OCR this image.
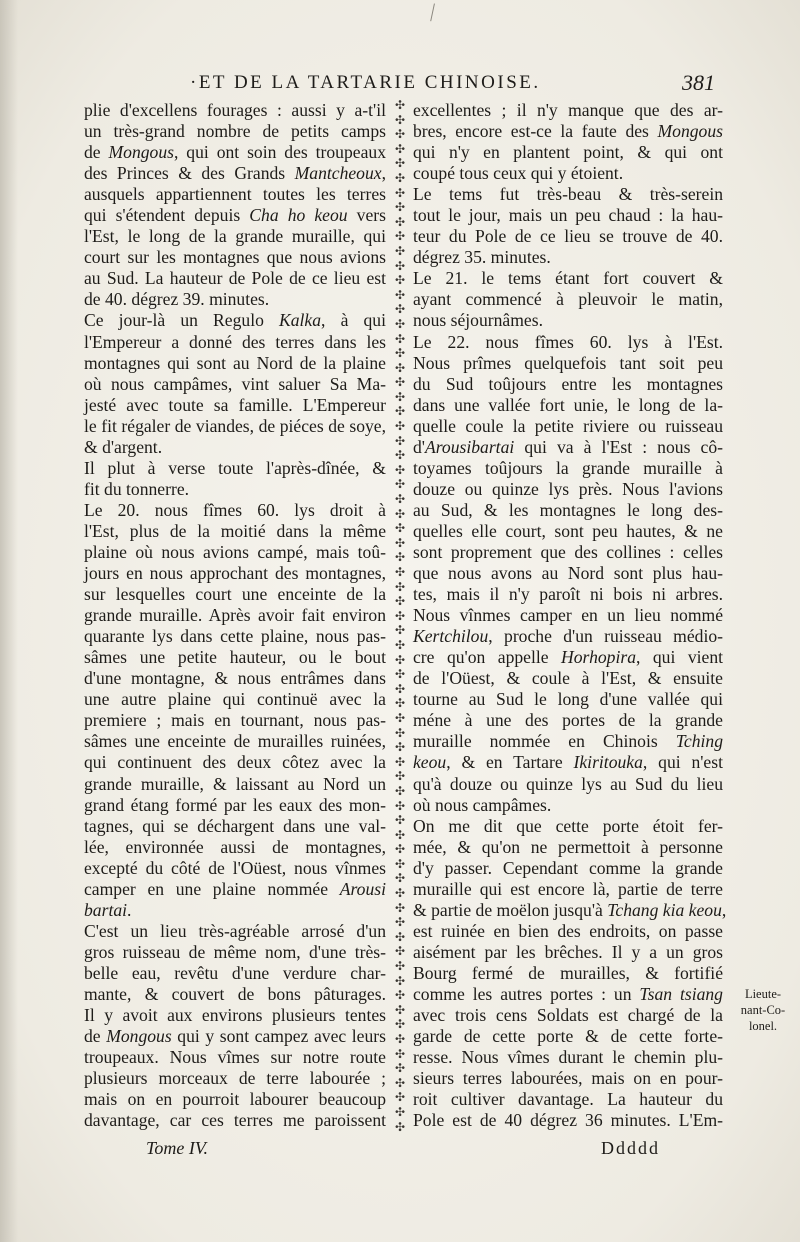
·ET DE LA TARTARIE CHINOISE.	381
plie d'excellens fourages : aussi y a-t'il
un très-grand nombre de petits camps
de Mongous, qui ont soin des troupeaux
des Princes & des Grands Mantcheoux,
ausquels appartiennent toutes les terres
qui s'étendent depuis Cha ho keou vers
l'Est, le long de la grande muraille, qui
court sur les montagnes que nous avions
au Sud. La hauteur de Pole de ce lieu est
de 40. dégrez 39. minutes.
Ce jour-là un Regulo Kalka, à qui
l'Empereur a donné des terres dans les
montagnes qui sont au Nord de la plaine
où nous campâmes, vint saluer Sa Ma-
jesté avec toute sa famille. L'Empereur
le fit régaler de viandes, de piéces de soye,
& d'argent.
Il plut à verse toute l'après-dînée, &
fit du tonnerre.
Le 20. nous fîmes 60. lys droit à
l'Est, plus de la moitié dans la même
plaine où nous avions campé, mais toû-
jours en nous approchant des montagnes,
sur lesquelles court une enceinte de la
grande muraille. Après avoir fait environ
quarante lys dans cette plaine, nous pas-
sâmes une petite hauteur, ou le bout
d'une montagne, & nous entrâmes dans
une autre plaine qui continuë avec la
premiere ; mais en tournant, nous pas-
sâmes une enceinte de murailles ruinées,
qui continuent des deux côtez avec la
grande muraille, & laissant au Nord un
grand étang formé par les eaux des mon-
tagnes, qui se déchargent dans une val-
lée, environnée aussi de montagnes,
excepté du côté de l'Oüest, nous vînmes
camper en une plaine nommée Arousi
bartai.
C'est un lieu très-agréable arrosé d'un
gros ruisseau de même nom, d'une très-
belle eau, revêtu d'une verdure char-
mante, & couvert de bons pâturages.
Il y avoit aux environs plusieurs tentes
de Mongous qui y sont campez avec leurs
troupeaux. Nous vîmes sur notre route
plusieurs morceaux de terre labourée ;
mais on en pourroit labourer beaucoup
davantage, car ces terres me paroissent
✣
✣
✣
✣
✣
✣
✣
✣
✣
✣
✣
✣
✣
✣
✣
✣
✣
✣
✣
✣
✣
✣
✣
✣
✣
✣
✣
✣
✣
✣
✣
✣
✣
✣
✣
✣
✣
✣
✣
✣
✣
✣
✣
✣
✣
✣
✣
✣
✣
✣
✣
✣
✣
✣
✣
✣
✣
✣
✣
✣
✣
✣
✣
✣
✣
✣
✣
✣
✣
✣
✣
excellentes ; il n'y manque que des ar-
bres, encore est-ce la faute des Mongous
qui n'y en plantent point, & qui ont
coupé tous ceux qui y étoient.
Le tems fut très-beau & très-serein
tout le jour, mais un peu chaud : la hau-
teur du Pole de ce lieu se trouve de 40.
dégrez 35. minutes.
Le 21. le tems étant fort couvert &
ayant commencé à pleuvoir le matin,
nous séjournâmes.
Le 22. nous fîmes 60. lys à l'Est.
Nous prîmes quelquefois tant soit peu
du Sud toûjours entre les montagnes
dans une vallée fort unie, le long de la-
quelle coule la petite riviere ou ruisseau
d'Arousibartai qui va à l'Est : nous cô-
toyames toûjours la grande muraille à
douze ou quinze lys près. Nous l'avions
au Sud, & les montagnes le long des-
quelles elle court, sont peu hautes, & ne
sont proprement que des collines : celles
que nous avons au Nord sont plus hau-
tes, mais il n'y paroît ni bois ni arbres.
Nous vînmes camper en un lieu nommé
Kertchilou, proche d'un ruisseau médio-
cre qu'on appelle Horhopira, qui vient
de l'Oüest, & coule à l'Est, & ensuite
tourne au Sud le long d'une vallée qui
méne à une des portes de la grande
muraille nommée en Chinois Tching
keou, & en Tartare Ikiritouka, qui n'est
qu'à douze ou quinze lys au Sud du lieu
où nous campâmes.
On me dit que cette porte étoit fer-
mée, & qu'on ne permettoit à personne
d'y passer. Cependant comme la grande
muraille qui est encore là, partie de terre
& partie de moëlon jusqu'à Tchang kia keou,
est ruinée en bien des endroits, on passe
aisément par les brêches. Il y a un gros
Bourg fermé de murailles, & fortifié
comme les autres portes : un Tsan tsiang
avec trois cens Soldats est chargé de la
garde de cette porte & de cette forte-
resse. Nous vîmes durant le chemin plu-
sieurs terres labourées, mais on en pour-
roit cultiver davantage. La hauteur du
Pole est de 40 dégrez 36 minutes. L'Em-
Lieute-
nant-Co-
lonel.
Tome IV.	Ddddd
